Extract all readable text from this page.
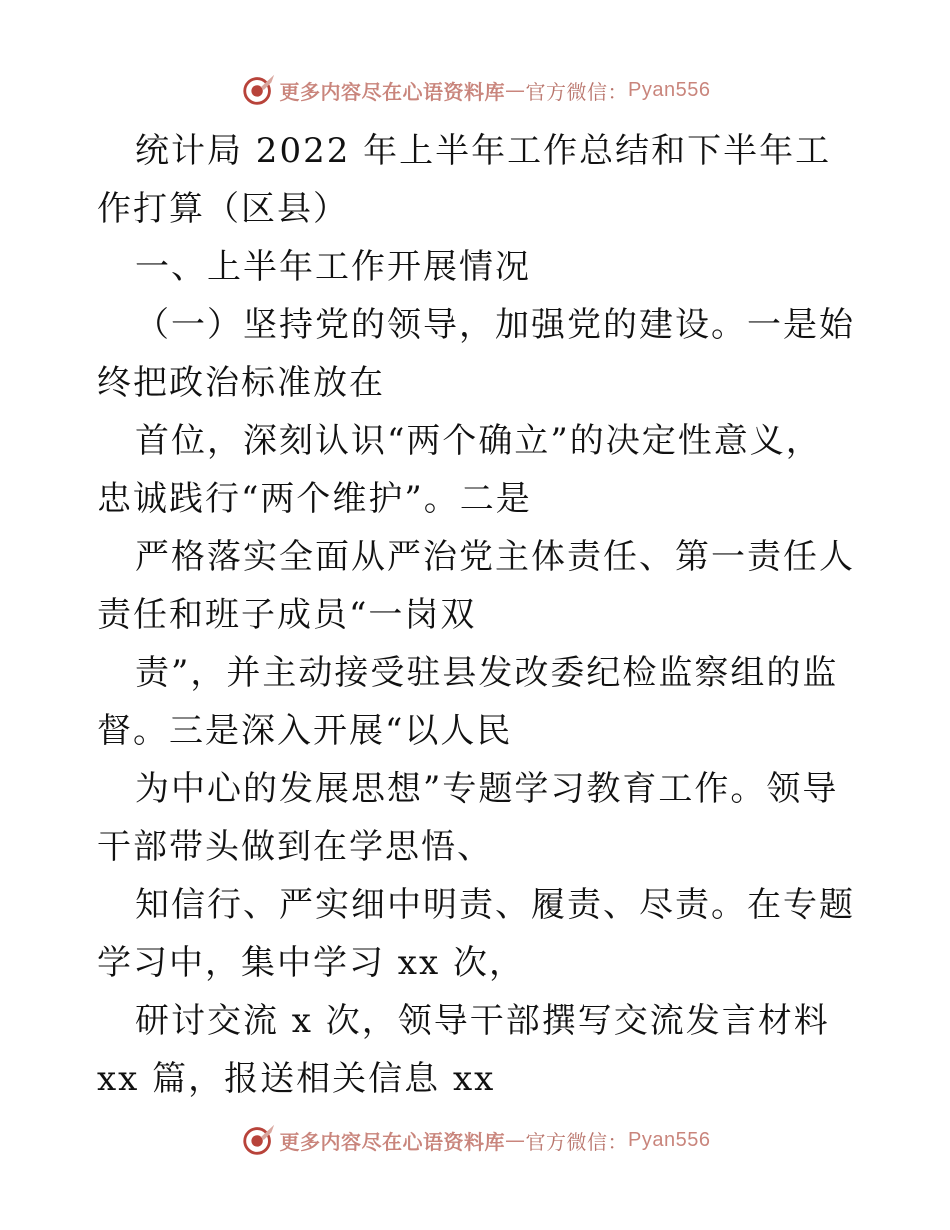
更多内容尽在心语资料库 — 官方微信： Pyan556

统计局 2022 年上半年工作总结和下半年工作打算（区县）

一、上半年工作开展情况

（一）坚持党的领导，加强党的建设。一是始终把政治标准放在

首位，深刻认识“两个确立”的决定性意义，忠诚践行“两个维护”。二是

严格落实全面从严治党主体责任、第一责任人责任和班子成员“一岗双

责”，并主动接受驻县发改委纪检监察组的监督。三是深入开展“以人民

为中心的发展思想”专题学习教育工作。领导干部带头做到在学思悟、

知信行、严实细中明责、履责、尽责。在专题学习中，集中学习 xx 次，

研讨交流 x 次，领导干部撰写交流发言材料 xx 篇，报送相关信息 xx

更多内容尽在心语资料库 — 官方微信： Pyan556
